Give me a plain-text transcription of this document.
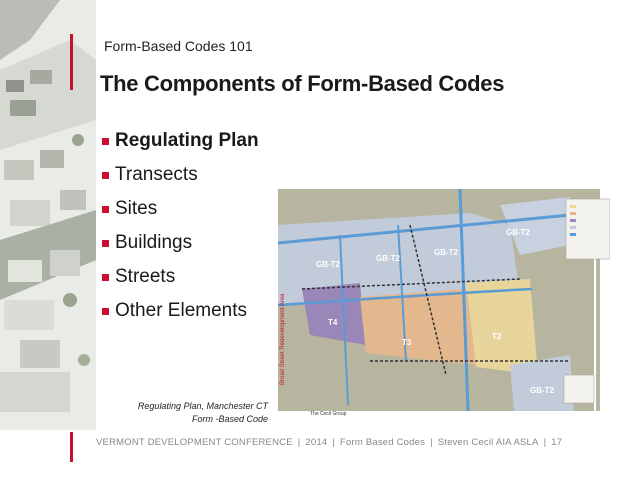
Form-Based Codes 101
The Components of Form-Based Codes
Regulating Plan
Transects
Sites
Buildings
Streets
Other Elements	Broad Street Redevelopment Area
GB-T2
GB-T2
GB-T2
GB-T2
T4
T3
T2
GB-T2
The Cecil Group
Regulating Plan, Manchester CT
Form -Based Code
VERMONT DEVELOPMENT CONFERENCE | 2014 | Form Based Codes | Steven Cecil AIA ASLA | 17
